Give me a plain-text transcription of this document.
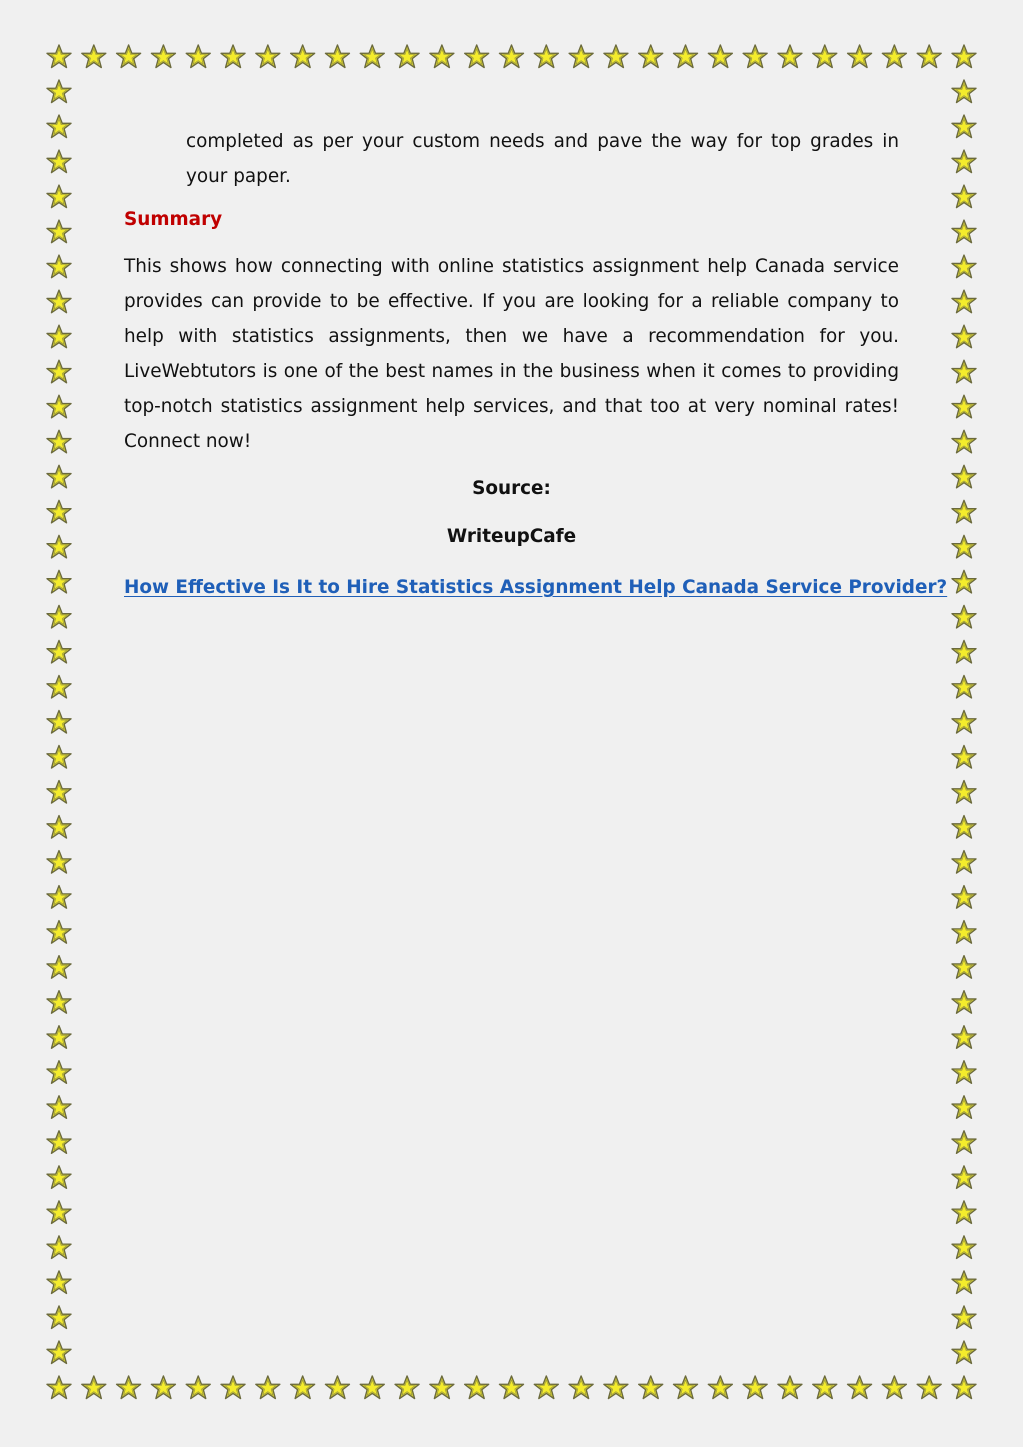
completed as per your custom needs and pave the way for top grades in your paper.

Summary

This shows how connecting with online statistics assignment help Canada service provides can provide to be effective. If you are looking for a reliable company to help with statistics assignments, then we have a recommendation for you. LiveWebtutors is one of the best names in the business when it comes to providing top-notch statistics assignment help services, and that too at very nominal rates! Connect now!

Source:
WriteupCafe
How Effective Is It to Hire Statistics Assignment Help Canada Service Provider?
